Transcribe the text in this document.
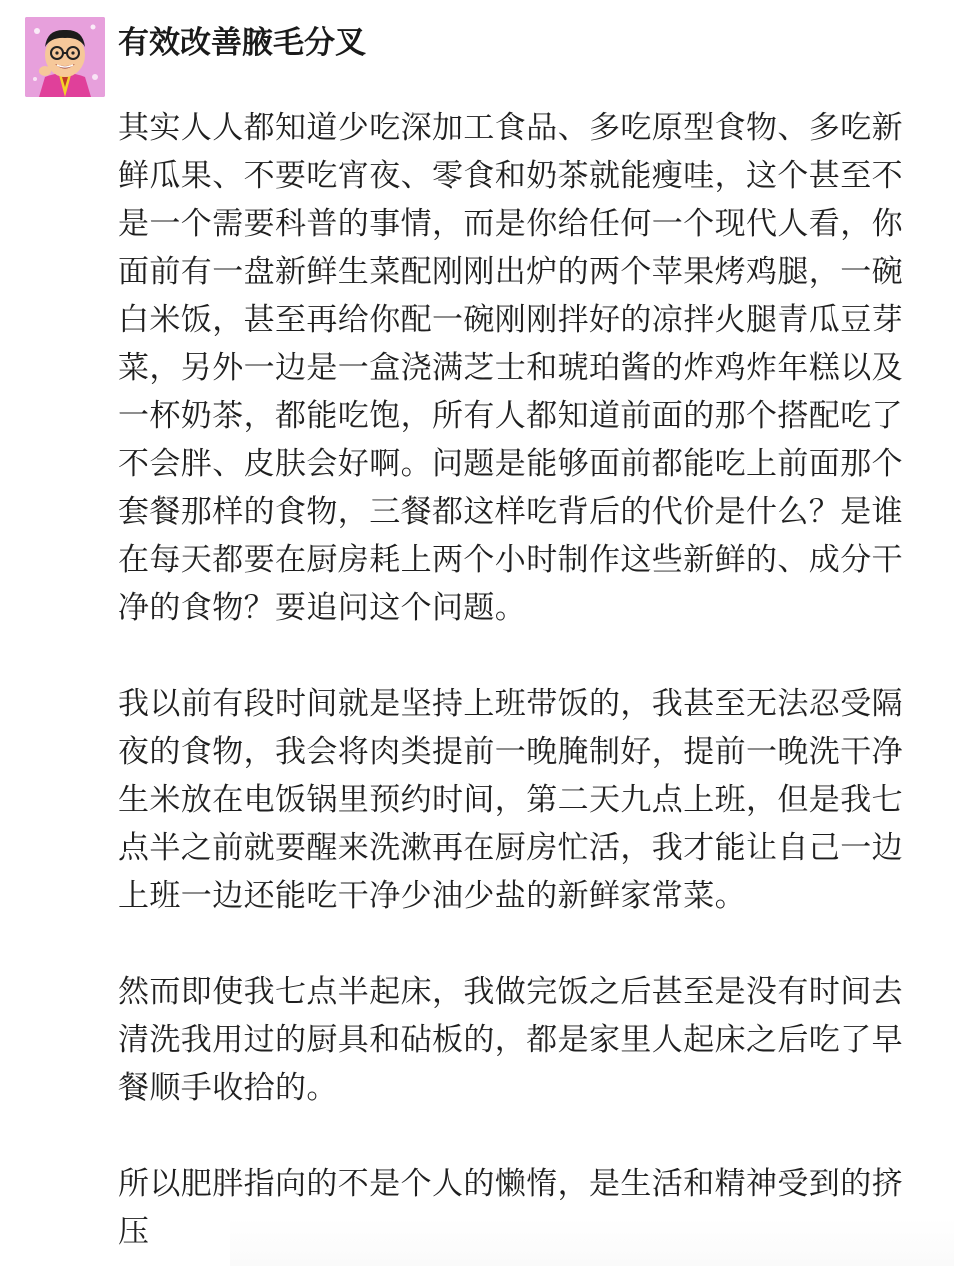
有效改善腋毛分叉

其实人人都知道少吃深加工食品、多吃原型食物、多吃新鲜瓜果、不要吃宵夜、零食和奶茶就能瘦哇，这个甚至不是一个需要科普的事情，而是你给任何一个现代人看，你面前有一盘新鲜生菜配刚刚出炉的两个苹果烤鸡腿，一碗白米饭，甚至再给你配一碗刚刚拌好的凉拌火腿青瓜豆芽菜，另外一边是一盒浇满芝士和琥珀酱的炸鸡炸年糕以及一杯奶茶，都能吃饱，所有人都知道前面的那个搭配吃了不会胖、皮肤会好啊。问题是能够面前都能吃上前面那个套餐那样的食物，三餐都这样吃背后的代价是什么？是谁在每天都要在厨房耗上两个小时制作这些新鲜的、成分干净的食物？要追问这个问题。

我以前有段时间就是坚持上班带饭的，我甚至无法忍受隔夜的食物，我会将肉类提前一晚腌制好，提前一晚洗干净生米放在电饭锅里预约时间，第二天九点上班，但是我七点半之前就要醒来洗漱再在厨房忙活，我才能让自己一边上班一边还能吃干净少油少盐的新鲜家常菜。

然而即使我七点半起床，我做完饭之后甚至是没有时间去清洗我用过的厨具和砧板的，都是家里人起床之后吃了早餐顺手收拾的。

所以肥胖指向的不是个人的懒惰，是生活和精神受到的挤压
